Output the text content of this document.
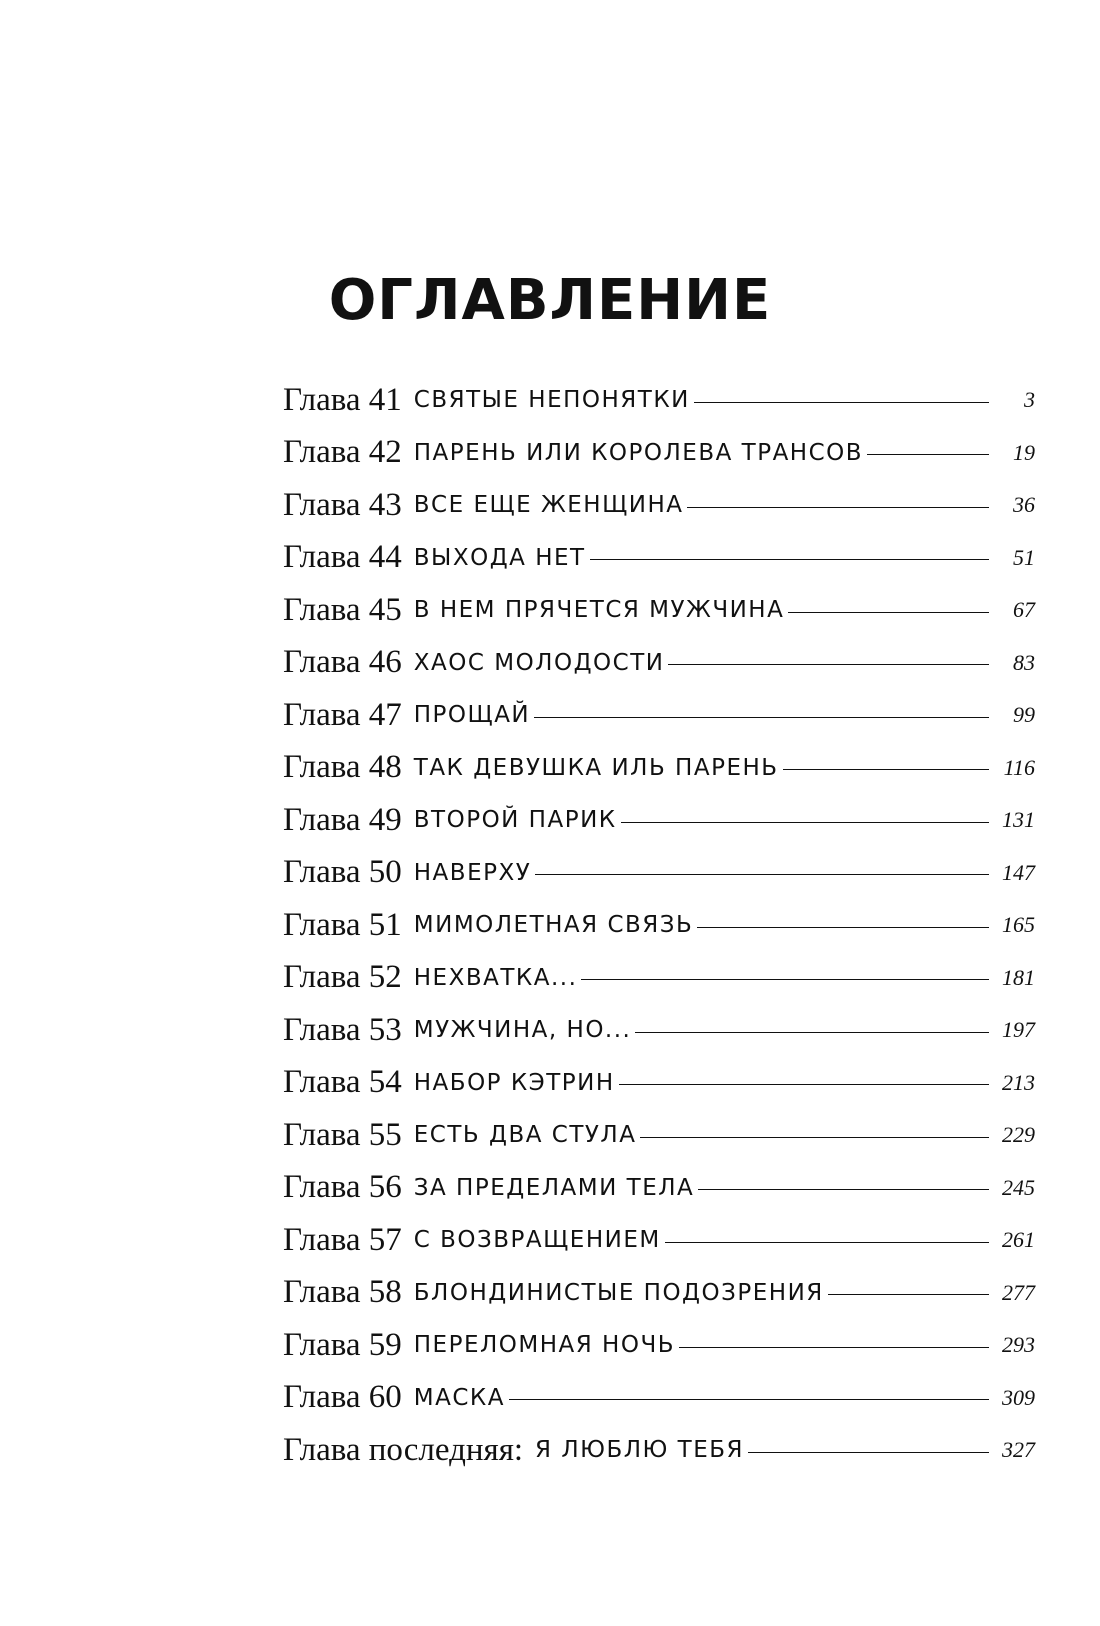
ОГЛАВЛЕНИЕ
Глава 41 СВЯТЫЕ НЕПОНЯТКИ	3
Глава 42 ПАРЕНЬ ИЛИ КОРОЛЕВА ТРАНСОВ	19
Глава 43 ВСЕ ЕЩЕ ЖЕНЩИНА	36
Глава 44 ВЫХОДА НЕТ	51
Глава 45 В НЕМ ПРЯЧЕТСЯ МУЖЧИНА	67
Глава 46 ХАОС МОЛОДОСТИ	83
Глава 47 ПРОЩАЙ	99
Глава 48 ТАК ДЕВУШКА ИЛЬ ПАРЕНЬ	116
Глава 49 ВТОРОЙ ПАРИК	131
Глава 50 НАВЕРХУ	147
Глава 51 МИМОЛЕТНАЯ СВЯЗЬ	165
Глава 52 НЕХВАТКА...	181
Глава 53 МУЖЧИНА, НО...	197
Глава 54 НАБОР КЭТРИН	213
Глава 55 ЕСТЬ ДВА СТУЛА	229
Глава 56 ЗА ПРЕДЕЛАМИ ТЕЛА	245
Глава 57 С ВОЗВРАЩЕНИЕМ	261
Глава 58 БЛОНДИНИСТЫЕ ПОДОЗРЕНИЯ	277
Глава 59 ПЕРЕЛОМНАЯ НОЧЬ	293
Глава 60 МАСКА	309
Глава последняя: Я ЛЮБЛЮ ТЕБЯ	327
